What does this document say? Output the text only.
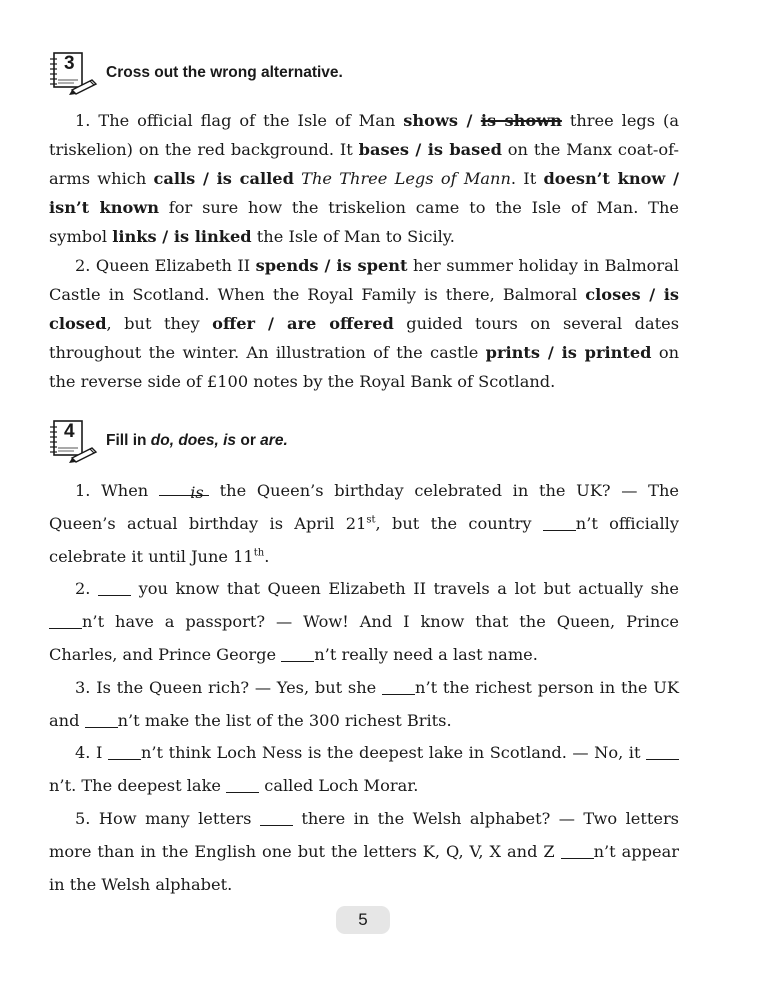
3 Cross out the wrong alternative.

1. The official flag of the Isle of Man shows / is shown three legs (a triskelion) on the red background. It bases / is based on the Manx coat-of-arms which calls / is called The Three Legs of Mann. It doesn’t know / isn’t known for sure how the triskelion came to the Isle of Man. The symbol links / is linked the Isle of Man to Sicily.

2. Queen Elizabeth II spends / is spent her summer holiday in Balmoral Castle in Scotland. When the Royal Family is there, Balmoral closes / is closed, but they offer / are offered guided tours on several dates throughout the winter. An illustration of the castle prints / is printed on the reverse side of £100 notes by the Royal Bank of Scotland.

4 Fill in do, does, is or are.

1. When is the Queen’s birthday celebrated in the UK? — The Queen’s actual birthday is April 21st, but the country n’t officially celebrate it until June 11th.

2.	you know that Queen Elizabeth II travels a lot but actually she n’t have a passport? — Wow! And I know that the Queen, Prince Charles, and Prince George n’t really need a last name.

3. Is the Queen rich? — Yes, but she n’t the richest person in the UK and n’t make the list of the 300 richest Brits.

4. I n’t think Loch Ness is the deepest lake in Scotland. — No, it n’t. The deepest lake  called Loch Morar.

5. How many letters  there in the Welsh alphabet? — Two letters more than in the English one but the letters K, Q, V, X and Z n’t appear in the Welsh alphabet.

5
